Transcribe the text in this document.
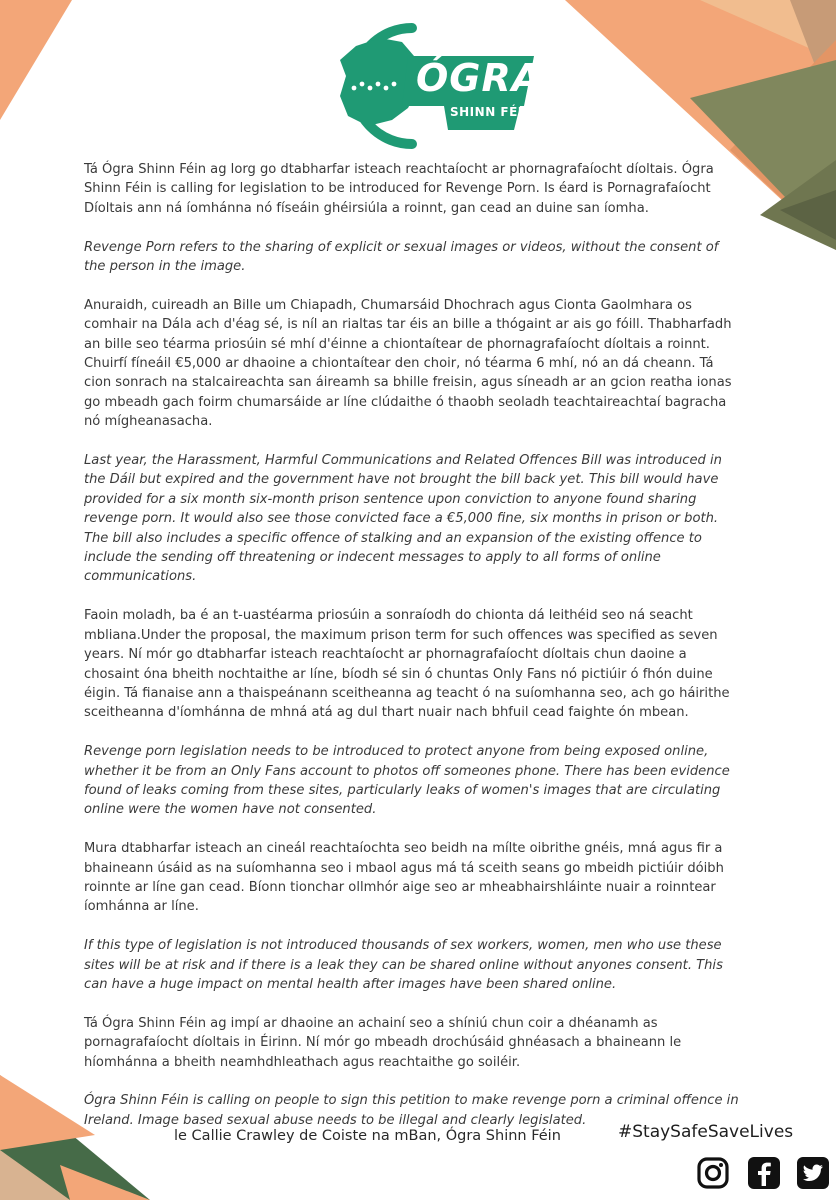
ÓGRA
SHINN FÉIN

Tá Ógra Shinn Féin ag lorg go dtabharfar isteach reachtaíocht ar phornagrafaíocht díoltais. Ógra Shinn Féin is calling for legislation to be introduced for Revenge Porn. Is éard is Pornagrafaíocht Díoltais ann ná íomhánna nó físeáin ghéirsiúla a roinnt, gan cead an duine san íomha.

Revenge Porn refers to the sharing of explicit or sexual images or videos, without the consent of the person in the image.

Anuraidh, cuireadh an Bille um Chiapadh, Chumarsáid Dhochrach agus Cionta Gaolmhara os comhair na Dála ach d'éag sé, is níl an rialtas tar éis an bille a thógaint ar ais go fóill. Thabharfadh an bille seo téarma priosúin sé mhí d'éinne a chiontaítear de phornagrafaíocht díoltais a roinnt. Chuirfí fíneáil €5,000 ar dhaoine a chiontaítear den choir, nó téarma 6 mhí, nó an dá cheann. Tá cion sonrach na stalcaireachta san áireamh sa bhille freisin, agus síneadh ar an gcion reatha ionas go mbeadh gach foirm chumarsáide ar líne clúdaithe ó thaobh seoladh teachtaireachtaí bagracha nó mígheanasacha.

Last year, the Harassment, Harmful Communications and Related Offences Bill was introduced in the Dáil but expired and the government have not brought the bill back yet. This bill would have provided for a six month six-month prison sentence upon conviction to anyone found sharing revenge porn. It would also see those convicted face a €5,000 fine, six months in prison or both. The bill also includes a specific offence of stalking and an expansion of the existing offence to include the sending off threatening or indecent messages to apply to all forms of online communications.

Faoin moladh, ba é an t-uastéarma priosúin a sonraíodh do chionta dá leithéid seo ná seacht mbliana.Under the proposal, the maximum prison term for such offences was specified as seven years. Ní mór go dtabharfar isteach reachtaíocht ar phornagrafaíocht díoltais chun daoine a chosaint óna bheith nochtaithe ar líne, bíodh sé sin ó chuntas Only Fans nó pictiúir ó fhón duine éigin. Tá fianaise ann a thaispeánann sceitheanna ag teacht ó na suíomhanna seo, ach go háirithe sceitheanna d'íomhánna de mhná atá ag dul thart nuair nach bhfuil cead faighte ón mbean.

Revenge porn legislation needs to be introduced to protect anyone from being exposed online, whether it be from an Only Fans account to photos off someones phone. There has been evidence found of leaks coming from these sites, particularly leaks of women's images that are circulating online were the women have not consented.

Mura dtabharfar isteach an cineál reachtaíochta seo beidh na mílte oibrithe gnéis, mná agus fir a bhaineann úsáid as na suíomhanna seo i mbaol agus má tá sceith seans go mbeidh pictiúir dóibh roinnte ar líne gan cead. Bíonn tionchar ollmhór aige seo ar mheabhairshláinte nuair a roinntear íomhánna ar líne.

If this type of legislation is not introduced thousands of sex workers, women, men who use these sites will be at risk and if there is a leak they can be shared online without anyones consent. This can have a huge impact on mental health after images have been shared online.

Tá Ógra Shinn Féin ag impí ar dhaoine an achainí seo a shíniú chun coir a dhéanamh as pornagrafaíocht díoltais in Éirinn. Ní mór go mbeadh drochúsáid ghnéasach a bhaineann le híomhánna a bheith neamhdhleathach agus reachtaithe go soiléir.

Ógra Shinn Féin is calling on people to sign this petition to make revenge porn a criminal offence in Ireland. Image based sexual abuse needs to be illegal and clearly legislated.

le Callie Crawley de Coiste na mBan, Ógra Shinn Féin	#StaySafeSaveLives
